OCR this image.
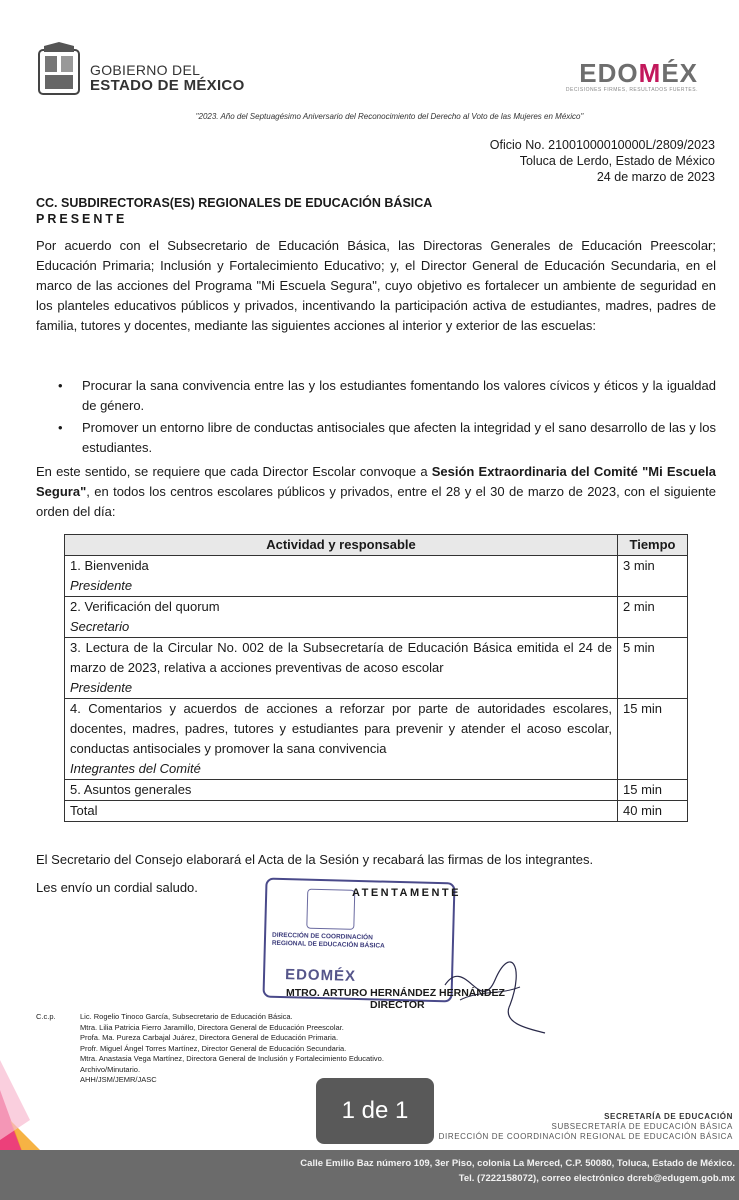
GOBIERNO DEL
ESTADO DE MÉXICO	EDOMÉX
DECISIONES FIRMES, RESULTADOS FUERTES.
"2023. Año del Septuagésimo Aniversario del Reconocimiento del Derecho al Voto de las Mujeres en México"
Oficio No. 21001000010000L/2809/2023
Toluca de Lerdo, Estado de México
24 de marzo de 2023
CC. SUBDIRECTORAS(ES) REGIONALES DE EDUCACIÓN BÁSICA
PRESENTE
Por acuerdo con el Subsecretario de Educación Básica, las Directoras Generales de Educación Preescolar; Educación Primaria; Inclusión y Fortalecimiento Educativo; y, el Director General de Educación Secundaria, en el marco de las acciones del Programa "Mi Escuela Segura", cuyo objetivo es fortalecer un ambiente de seguridad en los planteles educativos públicos y privados, incentivando la participación activa de estudiantes, madres, padres de familia, tutores y docentes, mediante las siguientes acciones al interior y exterior de las escuelas:
• Procurar la sana convivencia entre las y los estudiantes fomentando los valores cívicos y éticos y la igualdad de género.
• Promover un entorno libre de conductas antisociales que afecten la integridad y el sano desarrollo de las y los estudiantes.
En este sentido, se requiere que cada Director Escolar convoque a Sesión Extraordinaria del Comité "Mi Escuela Segura", en todos los centros escolares públicos y privados, entre el 28 y el 30 de marzo de 2023, con el siguiente orden del día:
Actividad y responsable	Tiempo
1. Bienvenida
Presidente	3 min
2. Verificación del quorum
Secretario	2 min
3. Lectura de la Circular No. 002 de la Subsecretaría de Educación Básica emitida el 24 de marzo de 2023, relativa a acciones preventivas de acoso escolar
Presidente	5 min
4. Comentarios y acuerdos de acciones a reforzar por parte de autoridades escolares, docentes, madres, padres, tutores y estudiantes para prevenir y atender el acoso escolar, conductas antisociales y promover la sana convivencia
Integrantes del Comité	15 min
5. Asuntos generales	15 min
Total	40 min
El Secretario del Consejo elaborará el Acta de la Sesión y recabará las firmas de los integrantes.
Les envío un cordial saludo.
DIRECCIÓN DE COORDINACIÓN
REGIONAL DE EDUCACIÓN BÁSICA
EDOMÉX
ATENTAMENTE
MTRO. ARTURO HERNÁNDEZ HERNÁNDEZ
DIRECTOR
C.c.p.	Lic. Rogelio Tinoco García, Subsecretario de Educación Básica.
Mtra. Lilia Patricia Fierro Jaramillo, Directora General de Educación Preescolar.
Profa. Ma. Pureza Carbajal Juárez, Directora General de Educación Primaria.
Profr. Miguel Ángel Torres Martínez, Director General de Educación Secundaria.
Mtra. Anastasia Vega Martínez, Directora General de Inclusión y Fortalecimiento Educativo.
Archivo/Minutario.
AHH/JSM/JEMR/JASC
1 de 1	SECRETARÍA DE EDUCACIÓN
SUBSECRETARÍA DE EDUCACIÓN BÁSICA
DIRECCIÓN DE COORDINACIÓN REGIONAL DE EDUCACIÓN BÁSICA
Calle Emilio Baz número 109, 3er Piso, colonia La Merced, C.P. 50080, Toluca, Estado de México.
Tel. (7222158072), correo electrónico dcreb@edugem.gob.mx
